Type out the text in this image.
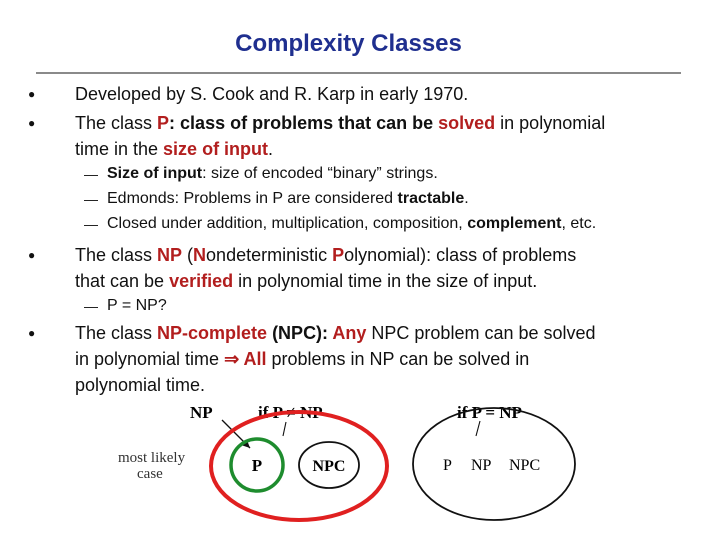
Complexity Classes
● Developed by S. Cook and R. Karp in early 1970.
● The class P: class of problems that can be solved in polynomial
time in the size of input.
— Size of input: size of encoded “binary” strings.
— Edmonds: Problems in P are considered tractable.
— Closed under addition, multiplication, composition, complement, etc.
● The class NP (Nondeterministic Polynomial): class of problems
that can be verified in polynomial time in the size of input.
— P = NP?
● The class NP-complete (NPC): Any NPC problem can be solved
in polynomial time ⇒ All problems in NP can be solved in
polynomial time.
NP	if P ≠ NP
most likely
case	P	NPC
if P = NP
P NP NPC
